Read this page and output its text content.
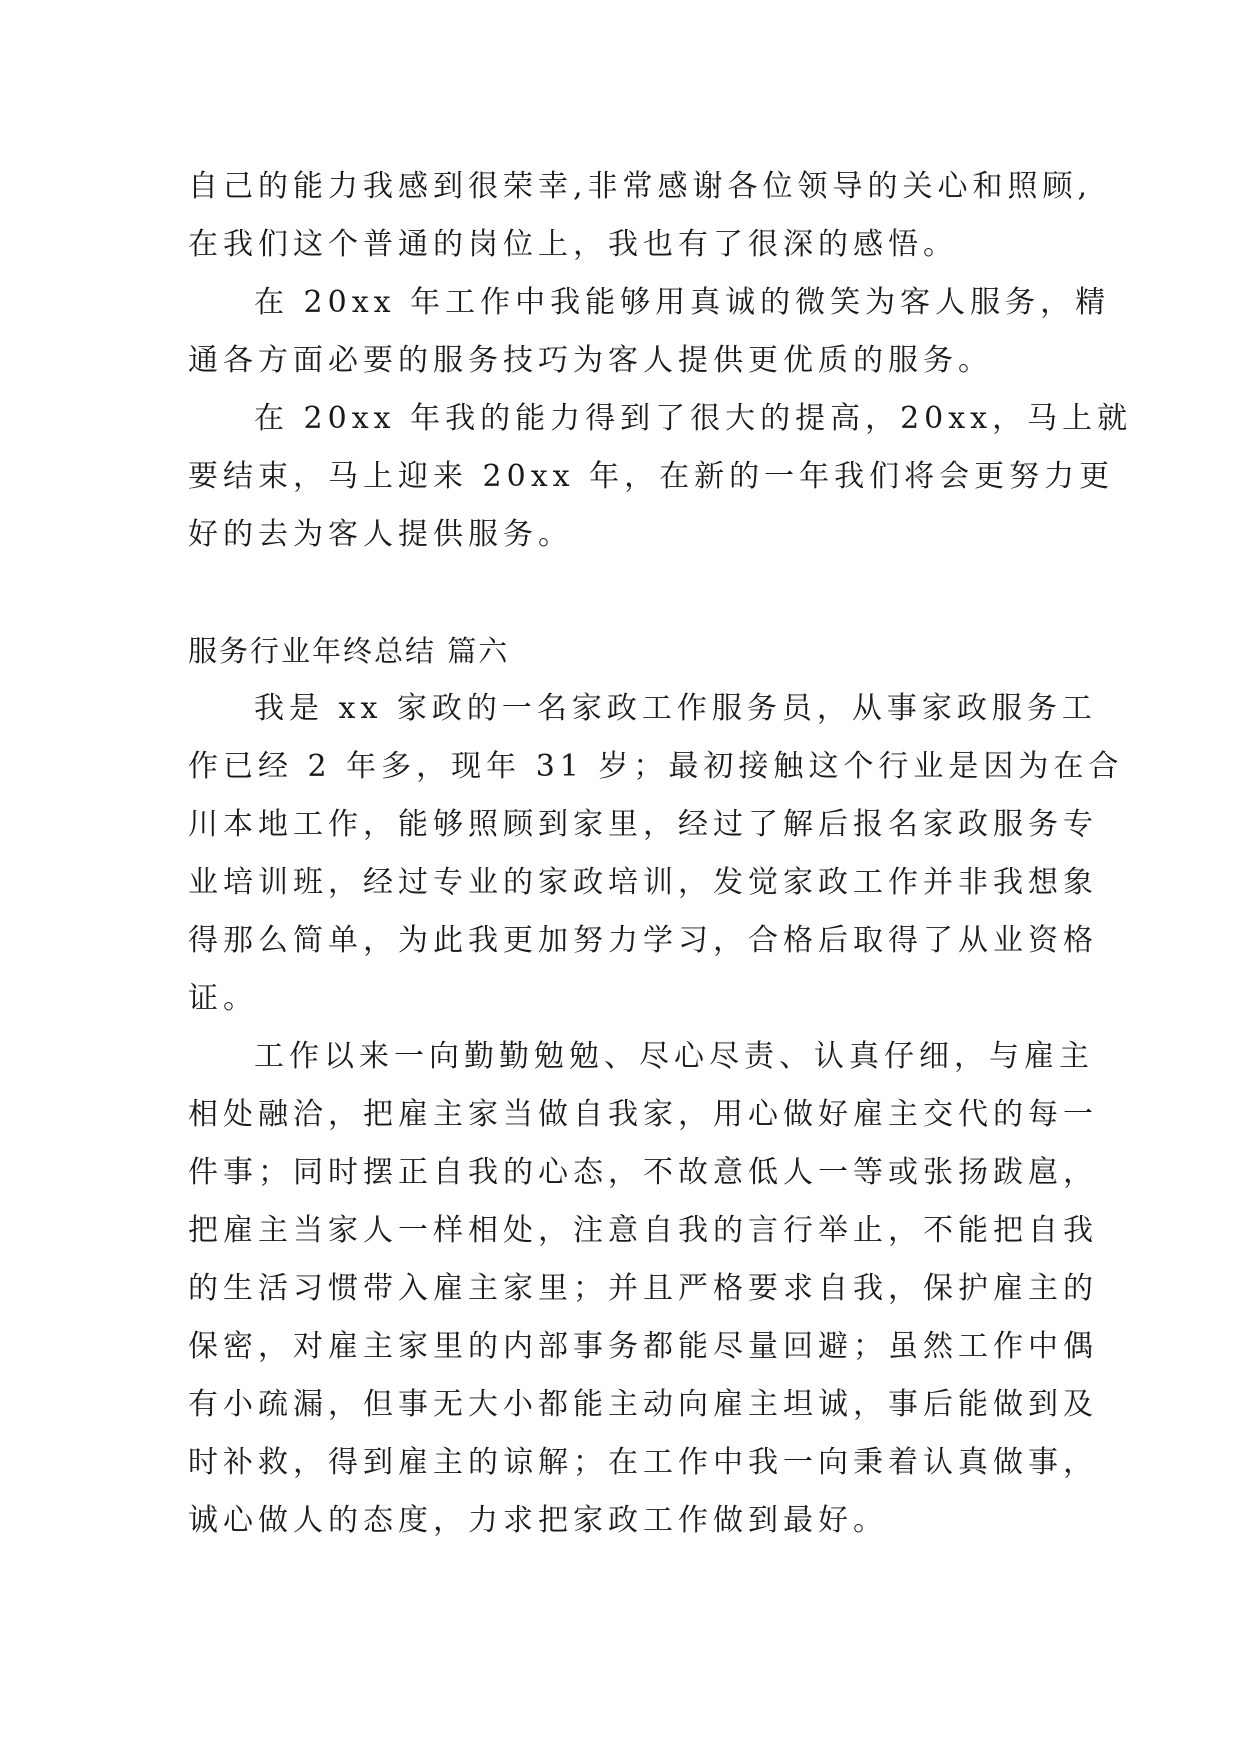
自己的能力我感到很荣幸,非常感谢各位领导的关心和照顾,
在我们这个普通的岗位上，我也有了很深的感悟。
在 20xx 年工作中我能够用真诚的微笑为客人服务，精
通各方面必要的服务技巧为客人提供更优质的服务。
在 20xx 年我的能力得到了很大的提高，20xx，马上就
要结束，马上迎来 20xx 年，在新的一年我们将会更努力更
好的去为客人提供服务。
服务行业年终总结 篇六
我是 xx 家政的一名家政工作服务员，从事家政服务工
作已经 2 年多，现年 31 岁；最初接触这个行业是因为在合
川本地工作，能够照顾到家里，经过了解后报名家政服务专
业培训班，经过专业的家政培训，发觉家政工作并非我想象
得那么简单，为此我更加努力学习，合格后取得了从业资格
证。
工作以来一向勤勤勉勉、尽心尽责、认真仔细，与雇主
相处融洽，把雇主家当做自我家，用心做好雇主交代的每一
件事；同时摆正自我的心态，不故意低人一等或张扬跋扈，
把雇主当家人一样相处，注意自我的言行举止，不能把自我
的生活习惯带入雇主家里；并且严格要求自我，保护雇主的
保密，对雇主家里的内部事务都能尽量回避；虽然工作中偶
有小疏漏，但事无大小都能主动向雇主坦诚，事后能做到及
时补救，得到雇主的谅解；在工作中我一向秉着认真做事，
诚心做人的态度，力求把家政工作做到最好。
